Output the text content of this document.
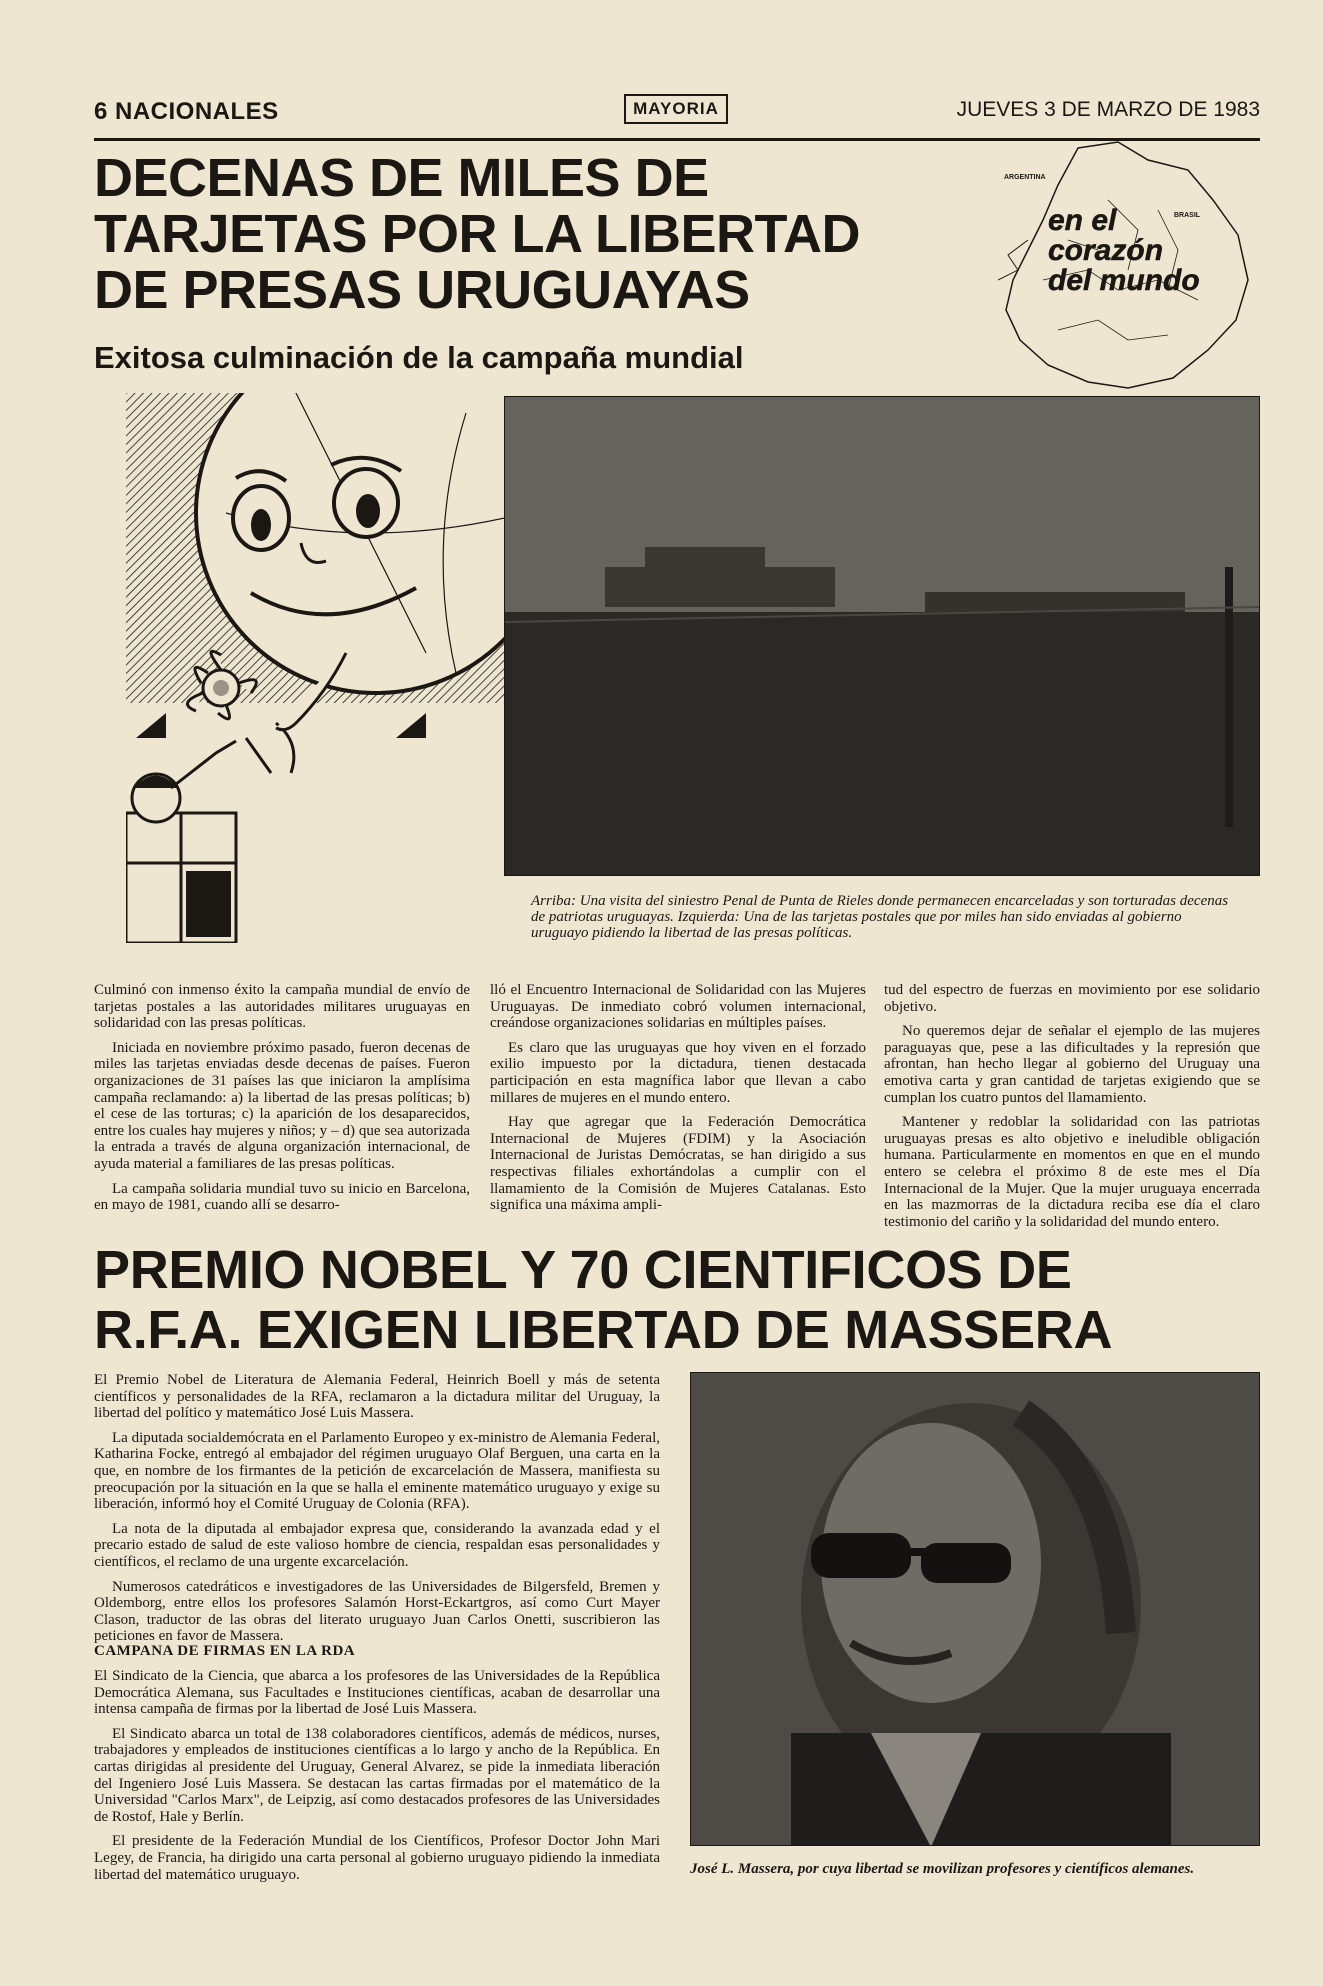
6 NACIONALES	MAYORIA	JUEVES 3 DE MARZO DE 1983
DECENAS DE MILES DE
TARJETAS POR LA LIBERTAD
DE PRESAS URUGUAYAS
Exitosa culminación de la campaña mundial
ARGENTINA
BRASIL
en el
corazón
del mundo
Arriba: Una visita del siniestro Penal de Punta de Rieles donde permanecen encarceladas y son torturadas decenas de patriotas uruguayas. Izquierda: Una de las tarjetas postales que por miles han sido enviadas al gobierno uruguayo pidiendo la libertad de las presas políticas.

Culminó con inmenso éxito la campaña mundial de envío de tarjetas postales a las autoridades militares uruguayas en solidaridad con las presas políticas.

Iniciada en noviembre próximo pasado, fueron decenas de miles las tarjetas enviadas desde decenas de países. Fueron organizaciones de 31 países las que iniciaron la amplísima campaña reclamando: a) la libertad de las presas políticas; b) el cese de las torturas; c) la aparición de los desaparecidos, entre los cuales hay mujeres y niños; y – d) que sea autorizada la entrada a través de alguna organización internacional, de ayuda material a familiares de las presas políticas.

La campaña solidaria mundial tuvo su inicio en Barcelona, en mayo de 1981, cuando allí se desarro-

lló el Encuentro Internacional de Solidaridad con las Mujeres Uruguayas. De inmediato cobró volumen internacional, creándose organizaciones solidarias en múltiples países.

Es claro que las uruguayas que hoy viven en el forzado exilio impuesto por la dictadura, tienen destacada participación en esta magnífica labor que llevan a cabo millares de mujeres en el mundo entero.

Hay que agregar que la Federación Democrática Internacional de Mujeres (FDIM) y la Asociación Internacional de Juristas Demócratas, se han dirigido a sus respectivas filiales exhortándolas a cumplir con el llamamiento de la Comisión de Mujeres Catalanas. Esto significa una máxima ampli-

tud del espectro de fuerzas en movimiento por ese solidario objetivo.

No queremos dejar de señalar el ejemplo de las mujeres paraguayas que, pese a las dificultades y la represión que afrontan, han hecho llegar al gobierno del Uruguay una emotiva carta y gran cantidad de tarjetas exigiendo que se cumplan los cuatro puntos del llamamiento.

Mantener y redoblar la solidaridad con las patriotas uruguayas presas es alto objetivo e ineludible obligación humana. Particularmente en momentos en que en el mundo entero se celebra el próximo 8 de este mes el Día Internacional de la Mujer. Que la mujer uruguaya encerrada en las mazmorras de la dictadura reciba ese día el claro testimonio del cariño y la solidaridad del mundo entero.

PREMIO NOBEL Y 70 CIENTIFICOS DE
R.F.A. EXIGEN LIBERTAD DE MASSERA

El Premio Nobel de Literatura de Alemania Federal, Heinrich Boell y más de setenta científicos y personalidades de la RFA, reclamaron a la dictadura militar del Uruguay, la libertad del político y matemático José Luis Massera.

La diputada socialdemócrata en el Parlamento Europeo y ex-ministro de Alemania Federal, Katharina Focke, entregó al embajador del régimen uruguayo Olaf Berguen, una carta en la que, en nombre de los firmantes de la petición de excarcelación de Massera, manifiesta su preocupación por la situación en la que se halla el eminente matemático uruguayo y exige su liberación, informó hoy el Comité Uruguay de Colonia (RFA).

La nota de la diputada al embajador expresa que, considerando la avanzada edad y el precario estado de salud de este valioso hombre de ciencia, respaldan esas personalidades y científicos, el reclamo de una urgente excarcelación.

Numerosos catedráticos e investigadores de las Universidades de Bilgersfeld, Bremen y Oldemborg, entre ellos los profesores Salamón Horst-Eckartgros, así como Curt Mayer Clason, traductor de las obras del literato uruguayo Juan Carlos Onetti, suscribieron las peticiones en favor de Massera.

CAMPANA DE FIRMAS EN LA RDA

El Sindicato de la Ciencia, que abarca a los profesores de las Universidades de la República Democrática Alemana, sus Facultades e Instituciones científicas, acaban de desarrollar una intensa campaña de firmas por la libertad de José Luis Massera.

El Sindicato abarca un total de 138 colaboradores científicos, además de médicos, nurses, trabajadores y empleados de instituciones científicas a lo largo y ancho de la República. En cartas dirigidas al presidente del Uruguay, General Alvarez, se pide la inmediata liberación del Ingeniero José Luis Massera. Se destacan las cartas firmadas por el matemático de la Universidad "Carlos Marx", de Leipzig, así como destacados profesores de las Universidades de Rostof, Hale y Berlín.

El presidente de la Federación Mundial de los Científicos, Profesor Doctor John Mari Legey, de Francia, ha dirigido una carta personal al gobierno uruguayo pidiendo la inmediata libertad del matemático uruguayo.	José L. Massera, por cuya libertad se movilizan profesores y científicos alemanes.
